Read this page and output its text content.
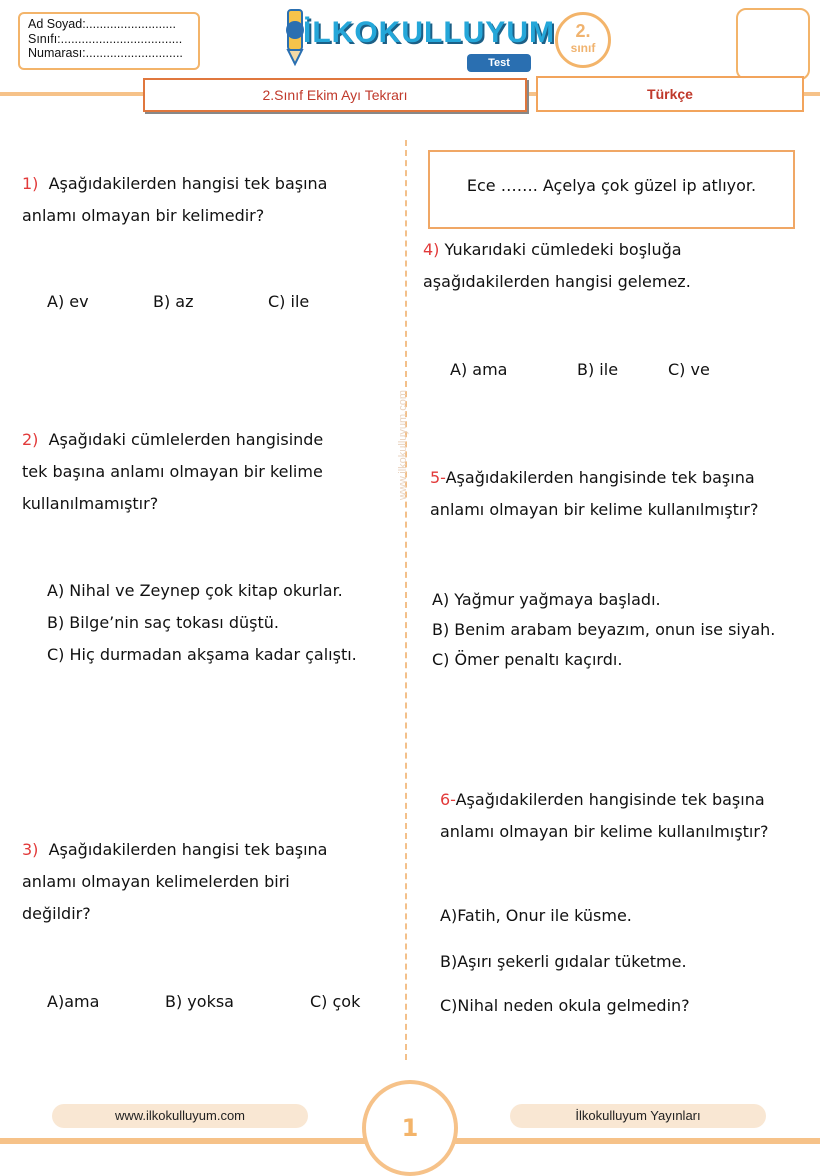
Ad Soyad:..........................
Sınıfı:...................................
Numarası:............................
İLKOKULLUYUM
Test
2.
sınıf
2.Sınıf Ekim Ayı Tekrarı	Türkçe
www.ilkokulluyum.com
1) Aşağıdakilerden hangisi tek başına
anlamı olmayan bir kelimedir?
A) ev	B) az	C) ile
2) Aşağıdaki cümlelerden hangisinde
tek başına anlamı olmayan bir kelime
kullanılmamıştır?
A) Nihal ve Zeynep çok kitap okurlar.
B) Bilge’nin saç tokası düştü.
C) Hiç durmadan akşama kadar çalıştı.
3) Aşağıdakilerden hangisi tek başına
anlamı olmayan kelimelerden biri
değildir?
A)ama	B) yoksa	C) çok
Ece ……. Açelya çok güzel ip atlıyor.
4) Yukarıdaki cümledeki boşluğa
aşağıdakilerden hangisi gelemez.
A) ama	B) ile	C) ve
5-Aşağıdakilerden hangisinde tek başına
anlamı olmayan bir kelime kullanılmıştır?
A) Yağmur yağmaya başladı.
B) Benim arabam beyazım, onun ise siyah.
C) Ömer penaltı kaçırdı.
6-Aşağıdakilerden hangisinde tek başına
anlamı olmayan bir kelime kullanılmıştır?
A)Fatih, Onur ile küsme.
B)Aşırı şekerli gıdalar tüketme.
C)Nihal neden okula gelmedin?
www.ilkokulluyum.com	1	İlkokulluyum Yayınları
